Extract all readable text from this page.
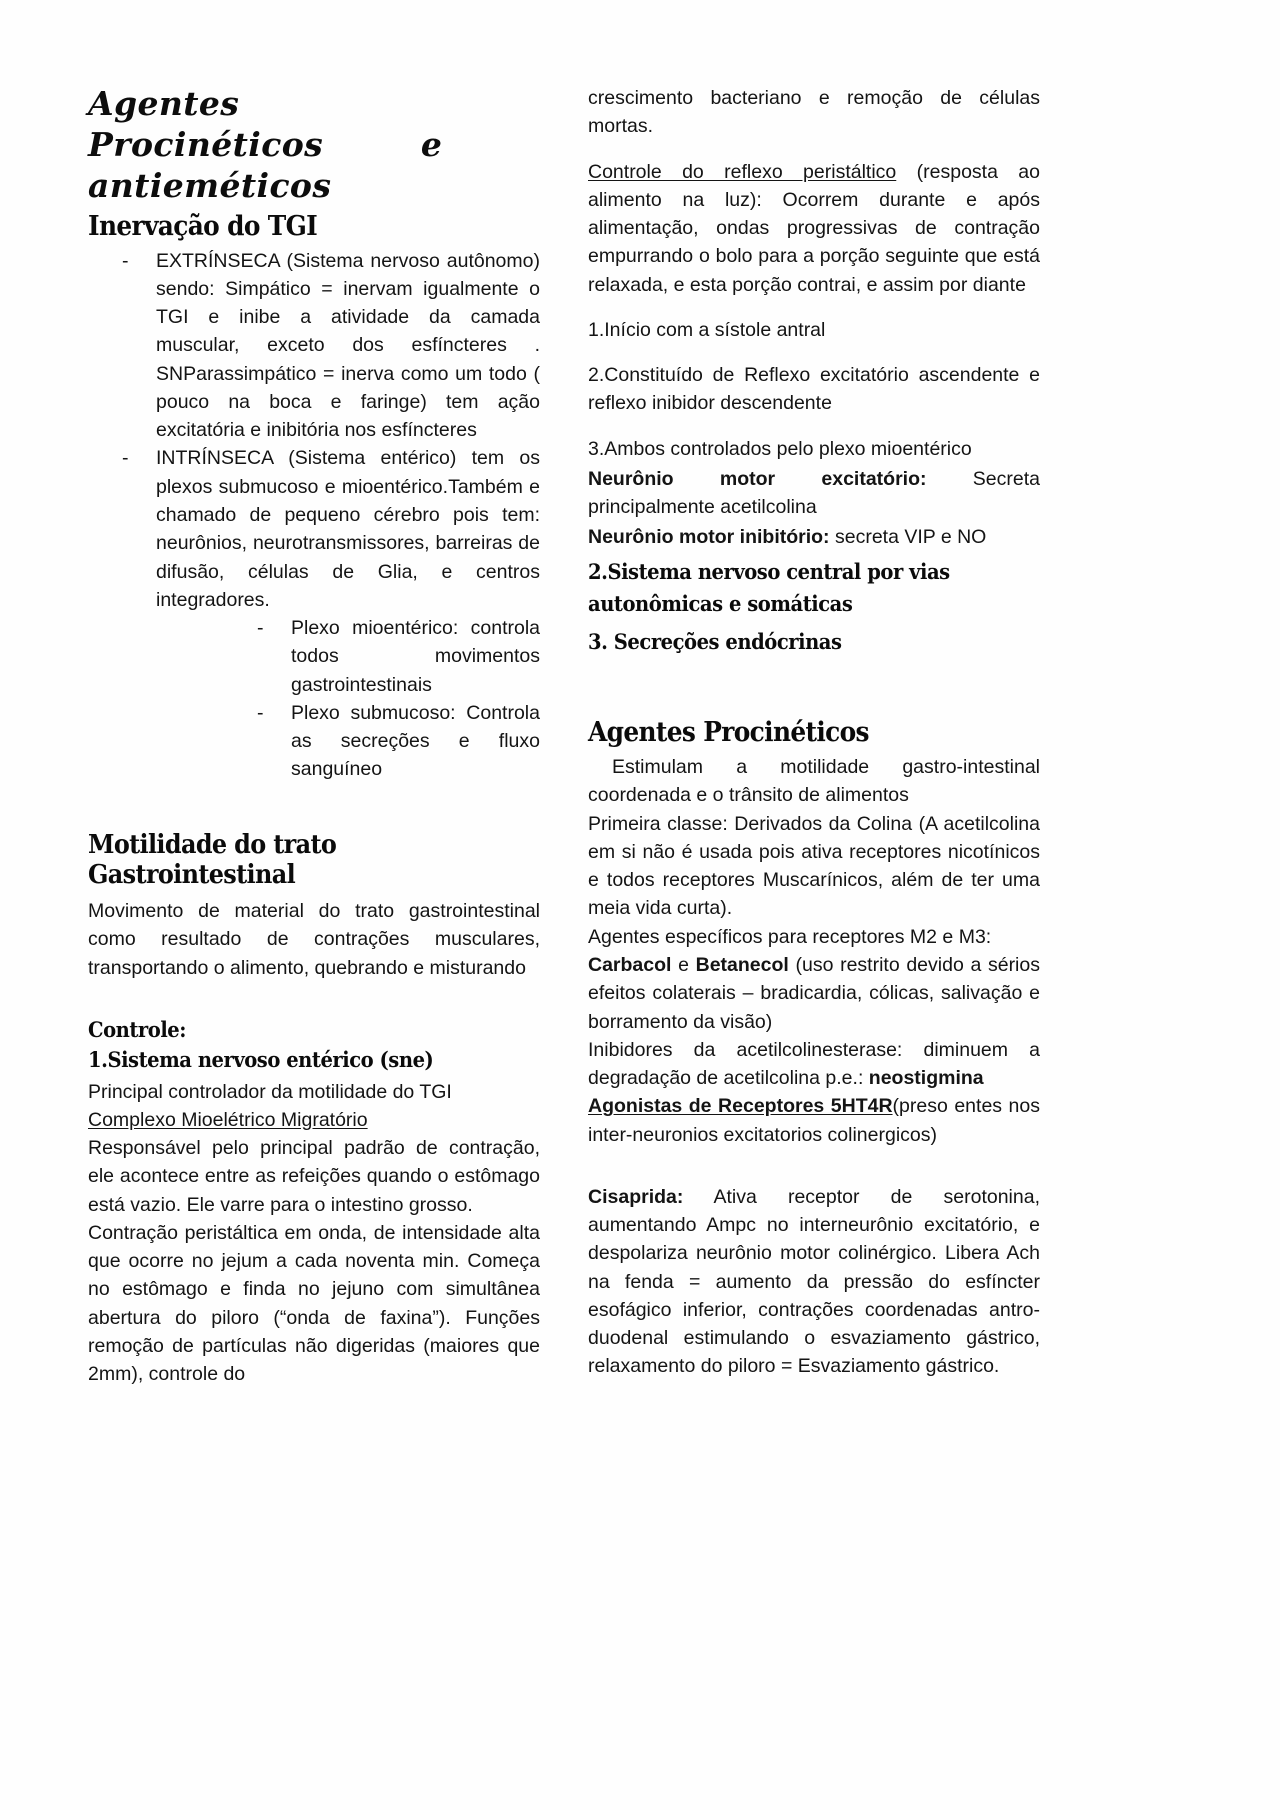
Agentes  Procinéticos	e
antieméticos
Inervação do TGI
- EXTRÍNSECA (Sistema nervoso autônomo) sendo: Simpático = inervam igualmente o TGI e inibe a atividade da camada muscular, exceto dos esfíncteres . SNParassimpático = inerva como um todo ( pouco na boca e faringe) tem ação excitatória e inibitória nos esfíncteres
- INTRÍNSECA (Sistema entérico) tem os plexos submucoso e mioentérico.Também e chamado de pequeno cérebro pois tem: neurônios, neurotransmissores, barreiras de difusão, células de Glia, e centros integradores.
- Plexo mioentérico: controla todos movimentos gastrointestinais
- Plexo submucoso: Controla as secreções e fluxo sanguíneo
Motilidade do trato Gastrointestinal

Movimento de material do trato gastrointestinal como resultado de contrações musculares, transportando o alimento, quebrando e misturando

Controle:
1.Sistema nervoso entérico (sne)

Principal controlador da motilidade do TGI

Complexo Mioelétrico Migratório

Responsável pelo principal padrão de contração, ele acontece entre as refeições quando o estômago está vazio. Ele varre para o intestino grosso.

Contração peristáltica em onda, de intensidade alta que ocorre no jejum a cada noventa min. Começa no estômago e finda no jejuno com simultânea abertura do piloro (“onda de faxina”). Funções remoção de partículas não digeridas (maiores que 2mm), controle do

crescimento bacteriano e remoção de células mortas.

Controle do reflexo peristáltico (resposta ao alimento na luz): Ocorrem durante e após alimentação, ondas progressivas de contração empurrando o bolo para a porção seguinte que está relaxada, e esta porção contrai, e assim por diante

1.Início com a sístole antral

2.Constituído de Reflexo excitatório ascendente e reflexo inibidor descendente

3.Ambos controlados pelo plexo mioentérico

Neurônio motor excitatório: Secreta principalmente acetilcolina

Neurônio motor inibitório: secreta VIP e NO

2.Sistema nervoso central por vias autonômicas e somáticas
3. Secreções endócrinas
Agentes Procinéticos

Estimulam a motilidade gastro-intestinal coordenada e o trânsito de alimentos

Primeira classe: Derivados da Colina (A acetilcolina em si não é usada pois ativa receptores nicotínicos e todos receptores Muscarínicos, além de ter uma meia vida curta).

Agentes específicos para receptores M2 e M3:

Carbacol e Betanecol (uso restrito devido a sérios efeitos colaterais – bradicardia, cólicas, salivação e borramento da visão)

Inibidores da acetilcolinesterase: diminuem a degradação de acetilcolina p.e.: neostigmina

Agonistas de Receptores 5HT4R(preso entes nos inter-neuronios excitatorios colinergicos)

Cisaprida: Ativa receptor de serotonina, aumentando Ampc no interneurônio excitatório, e despolariza neurônio motor colinérgico. Libera Ach na fenda = aumento da pressão do esfíncter esofágico inferior, contrações coordenadas antro-duodenal estimulando o esvaziamento gástrico, relaxamento do piloro = Esvaziamento gástrico.
